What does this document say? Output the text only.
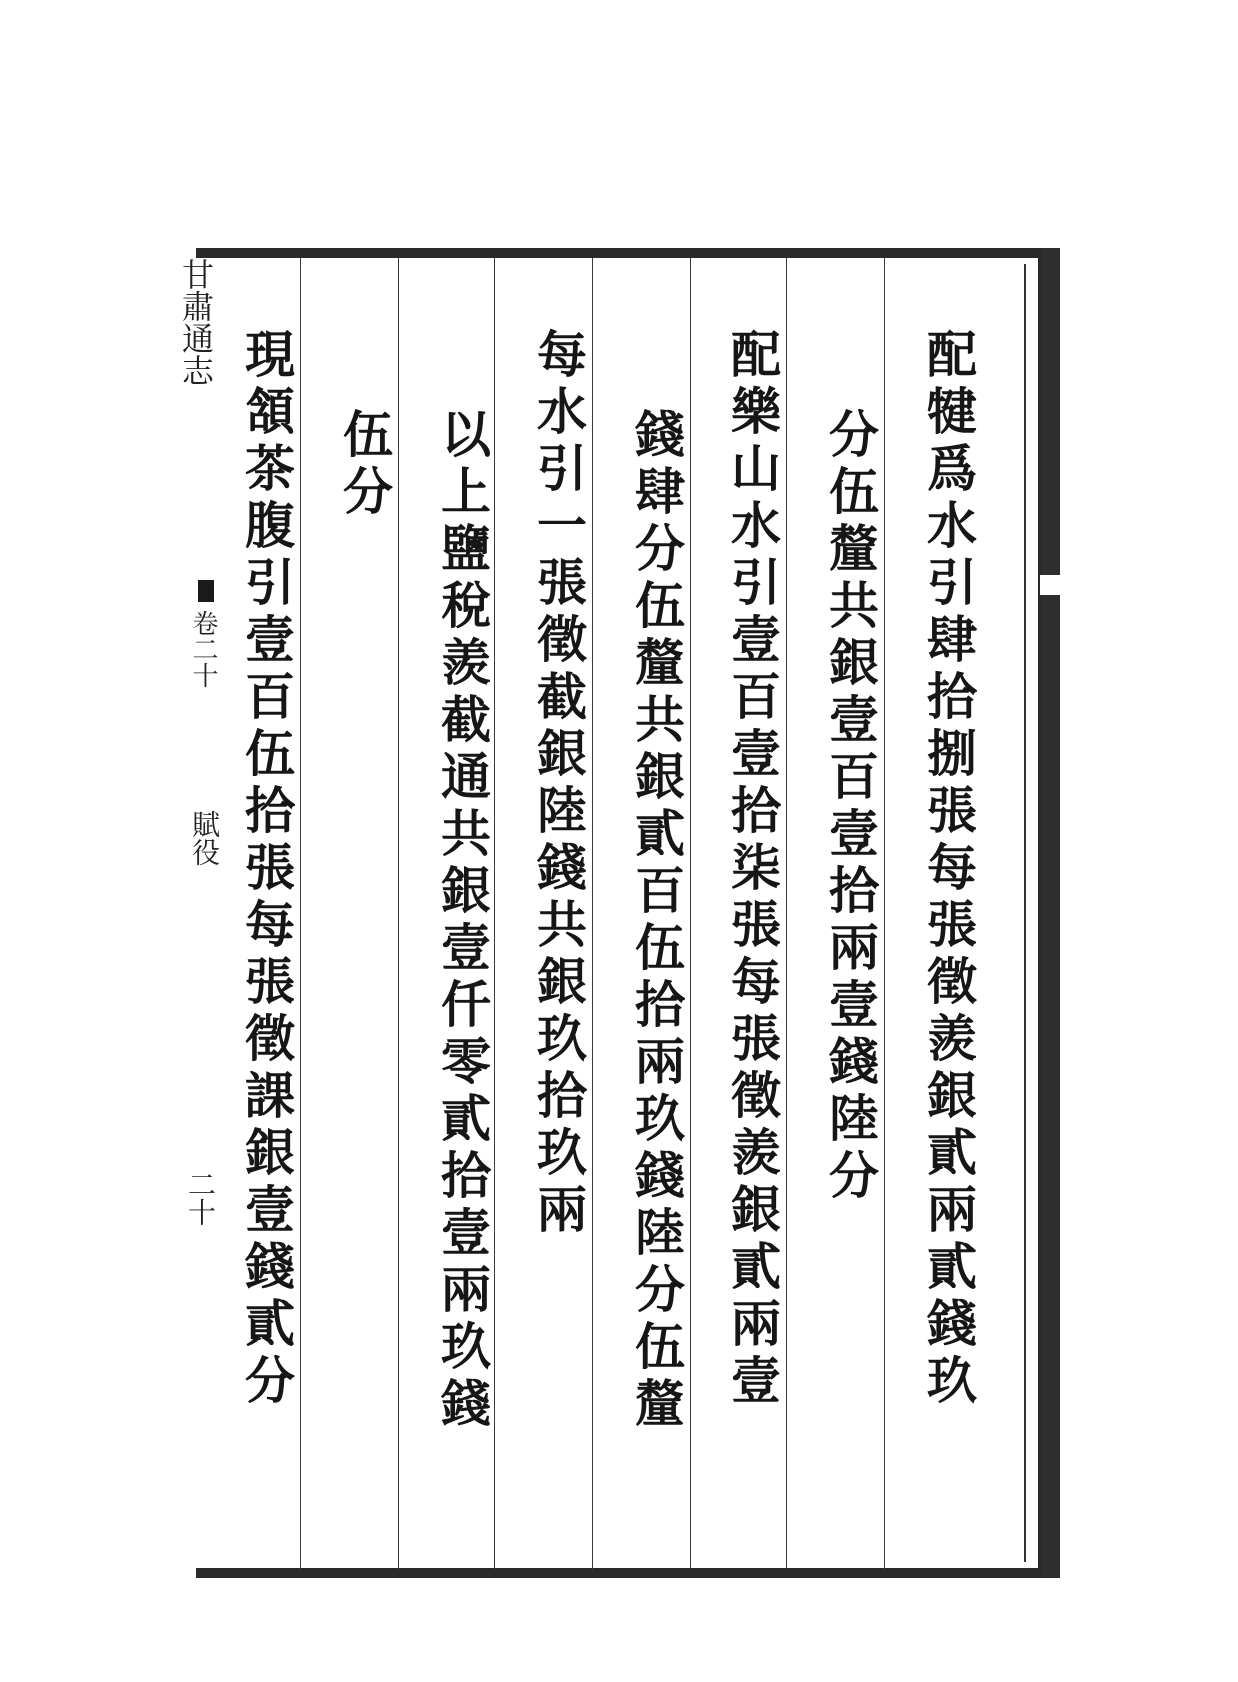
甘肅通志
卷二十
賦役
二十	配犍爲水引肆拾捌張每張徵羨銀貳兩貳錢玖
分伍釐共銀壹百壹拾兩壹錢陸分
配樂山水引壹百壹拾柒張每張徵羨銀貳兩壹
錢肆分伍釐共銀貳百伍拾兩玖錢陸分伍釐
每水引一張徵截銀陸錢共銀玖拾玖兩
以上鹽稅羨截通共銀壹仟零貳拾壹兩玖錢
伍分
現頷茶腹引壹百伍拾張每張徵課銀壹錢貳分
